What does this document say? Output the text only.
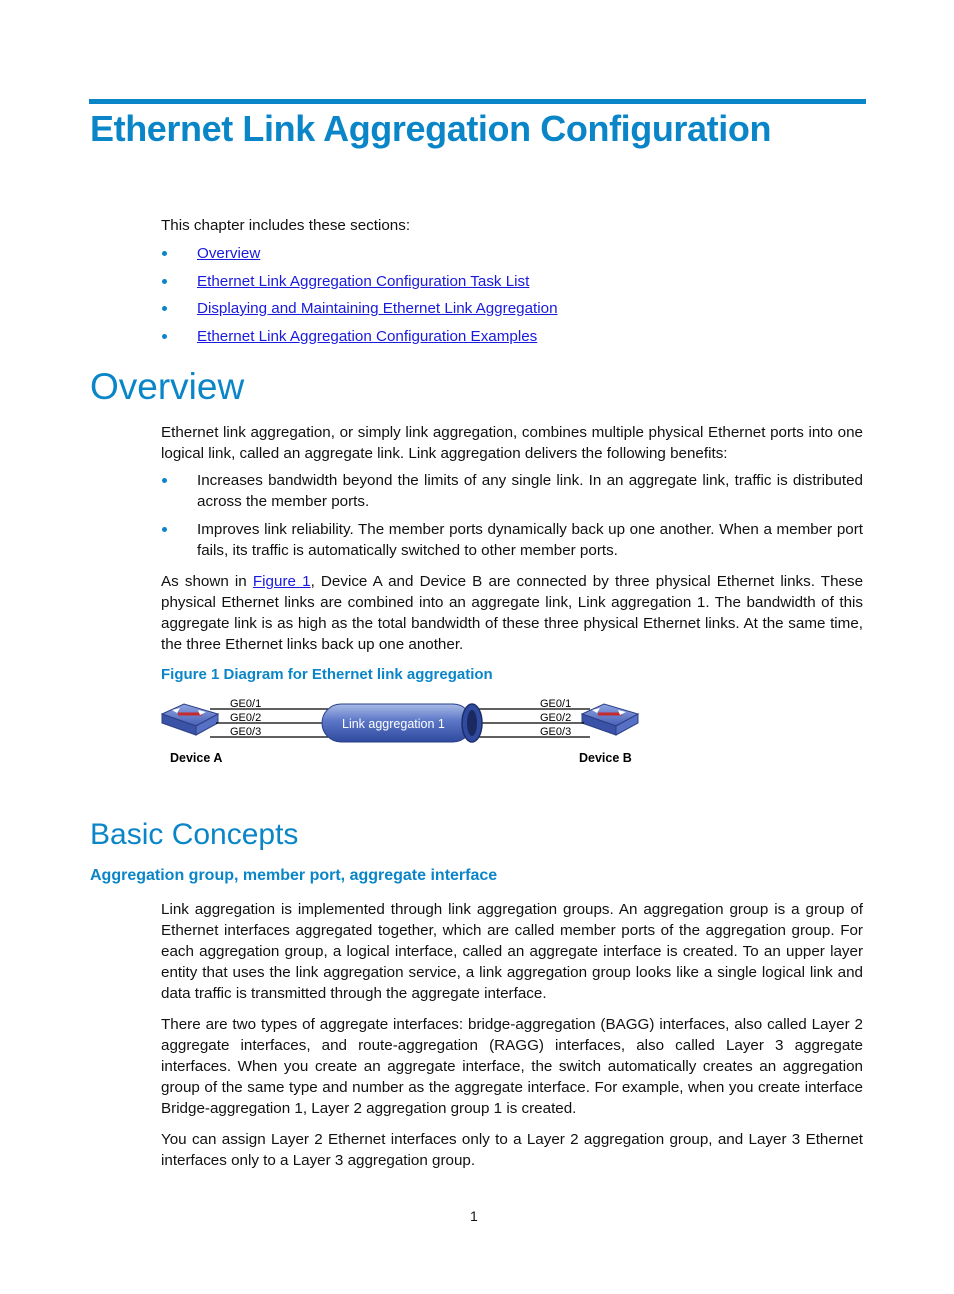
Ethernet Link Aggregation Configuration

This chapter includes these sections:

Overview
Ethernet Link Aggregation Configuration Task List
Displaying and Maintaining Ethernet Link Aggregation
Ethernet Link Aggregation Configuration Examples
Overview

Ethernet link aggregation, or simply link aggregation, combines multiple physical Ethernet ports into one logical link, called an aggregate link. Link aggregation delivers the following benefits:

Increases bandwidth beyond the limits of any single link. In an aggregate link, traffic is distributed across the member ports.
Improves link reliability. The member ports dynamically back up one another. When a member port fails, its traffic is automatically switched to other member ports.

As shown in Figure 1, Device A and Device B are connected by three physical Ethernet links. These physical Ethernet links are combined into an aggregate link, Link aggregation 1. The bandwidth of this aggregate link is as high as the total bandwidth of these three physical Ethernet links. At the same time, the three Ethernet links back up one another.

Figure 1 Diagram for Ethernet link aggregation

Link aggregation 1
GE0/1
GE0/2
GE0/3
GE0/1
GE0/2
GE0/3
Device A	Device B
Basic Concepts
Aggregation group, member port, aggregate interface

Link aggregation is implemented through link aggregation groups. An aggregation group is a group of Ethernet interfaces aggregated together, which are called member ports of the aggregation group. For each aggregation group, a logical interface, called an aggregate interface is created. To an upper layer entity that uses the link aggregation service, a link aggregation group looks like a single logical link and data traffic is transmitted through the aggregate interface.

There are two types of aggregate interfaces: bridge-aggregation (BAGG) interfaces, also called Layer 2 aggregate interfaces, and route-aggregation (RAGG) interfaces, also called Layer 3 aggregate interfaces. When you create an aggregate interface, the switch automatically creates an aggregation group of the same type and number as the aggregate interface. For example, when you create interface Bridge-aggregation 1, Layer 2 aggregation group 1 is created.

You can assign Layer 2 Ethernet interfaces only to a Layer 2 aggregation group, and Layer 3 Ethernet interfaces only to a Layer 3 aggregation group.

1
